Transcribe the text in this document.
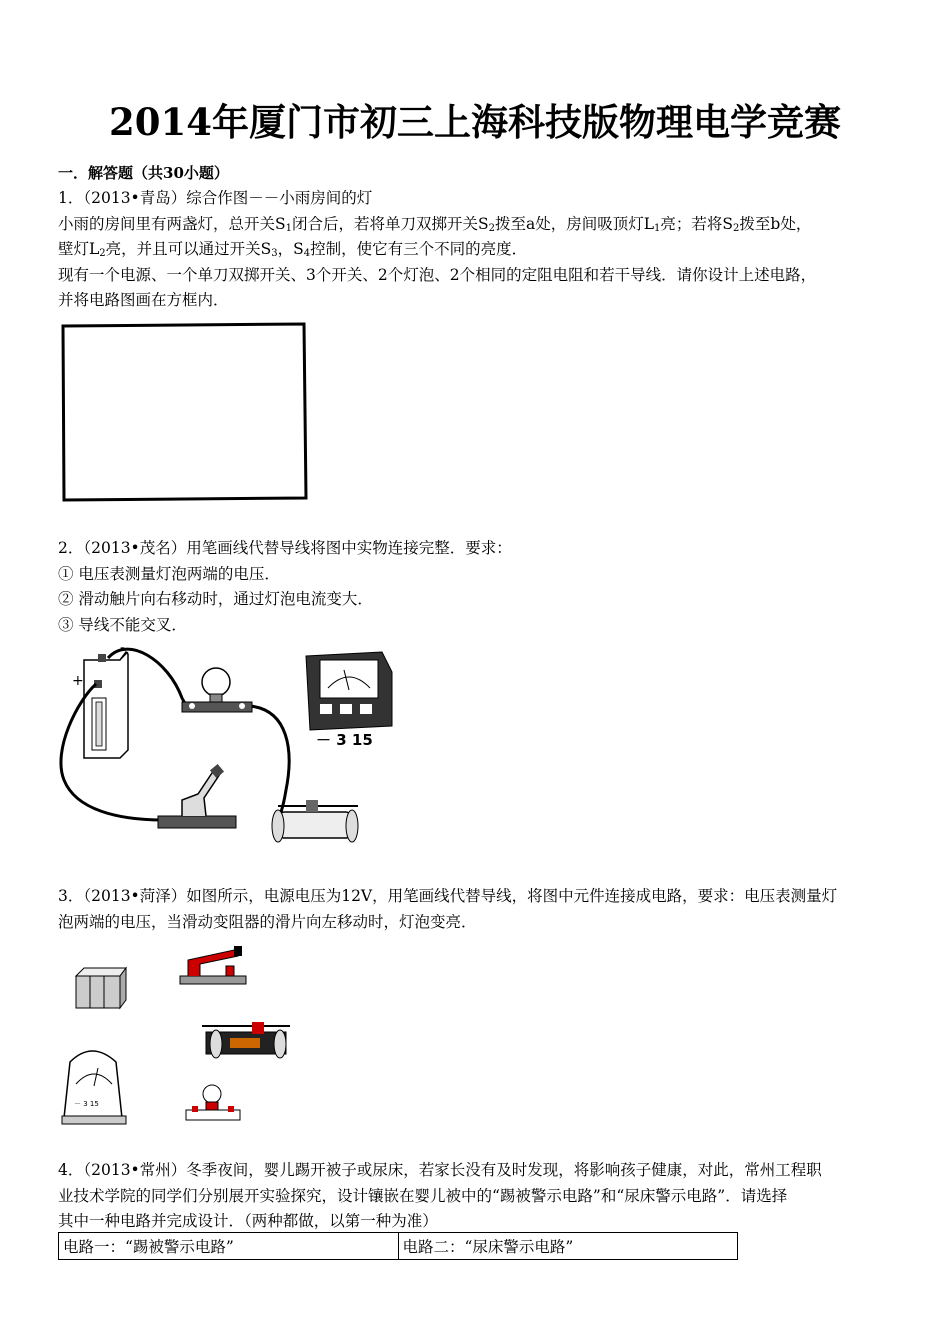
2014年厦门市初三上海科技版物理电学竞赛
一．解答题（共30小题）

1．（2013•青岛）综合作图－－小雨房间的灯

小雨的房间里有两盏灯，总开关$S_1$闭合后，若将单刀双掷开关$S_2$拨至a处，房间吸顶灯$L_1$亮；若将$S_2$拨至b处，

壁灯$L_2$亮，并且可以通过开关$S_3$，$S_4$控制，使它有三个不同的亮度．

现有一个电源、一个单刀双掷开关、3个开关、2个灯泡、2个相同的定阻电阻和若干导线．请你设计上述电路，

并将电路图画在方框内．

2．（2013•茂名）用笔画线代替导线将图中实物连接完整．要求：

① 电压表测量灯泡两端的电压．

② 滑动触片向右移动时，通过灯泡电流变大．

③ 导线不能交叉．

+
-
－ 3 15

3．（2013•菏泽）如图所示，电源电压为12V，用笔画线代替导线，将图中元件连接成电路，要求：电压表测量灯

泡两端的电压，当滑动变阻器的滑片向左移动时，灯泡变亮．

－ 3 15

4．（2013•常州）冬季夜间，婴儿踢开被子或尿床，若家长没有及时发现，将影响孩子健康，对此，常州工程职

业技术学院的同学们分别展开实验探究，设计镶嵌在婴儿被中的“踢被警示电路”和“尿床警示电路”．请选择

其中一种电路并完成设计．（两种都做，以第一种为准）

电路一：“踢被警示电路”	电路二：“尿床警示电路”
